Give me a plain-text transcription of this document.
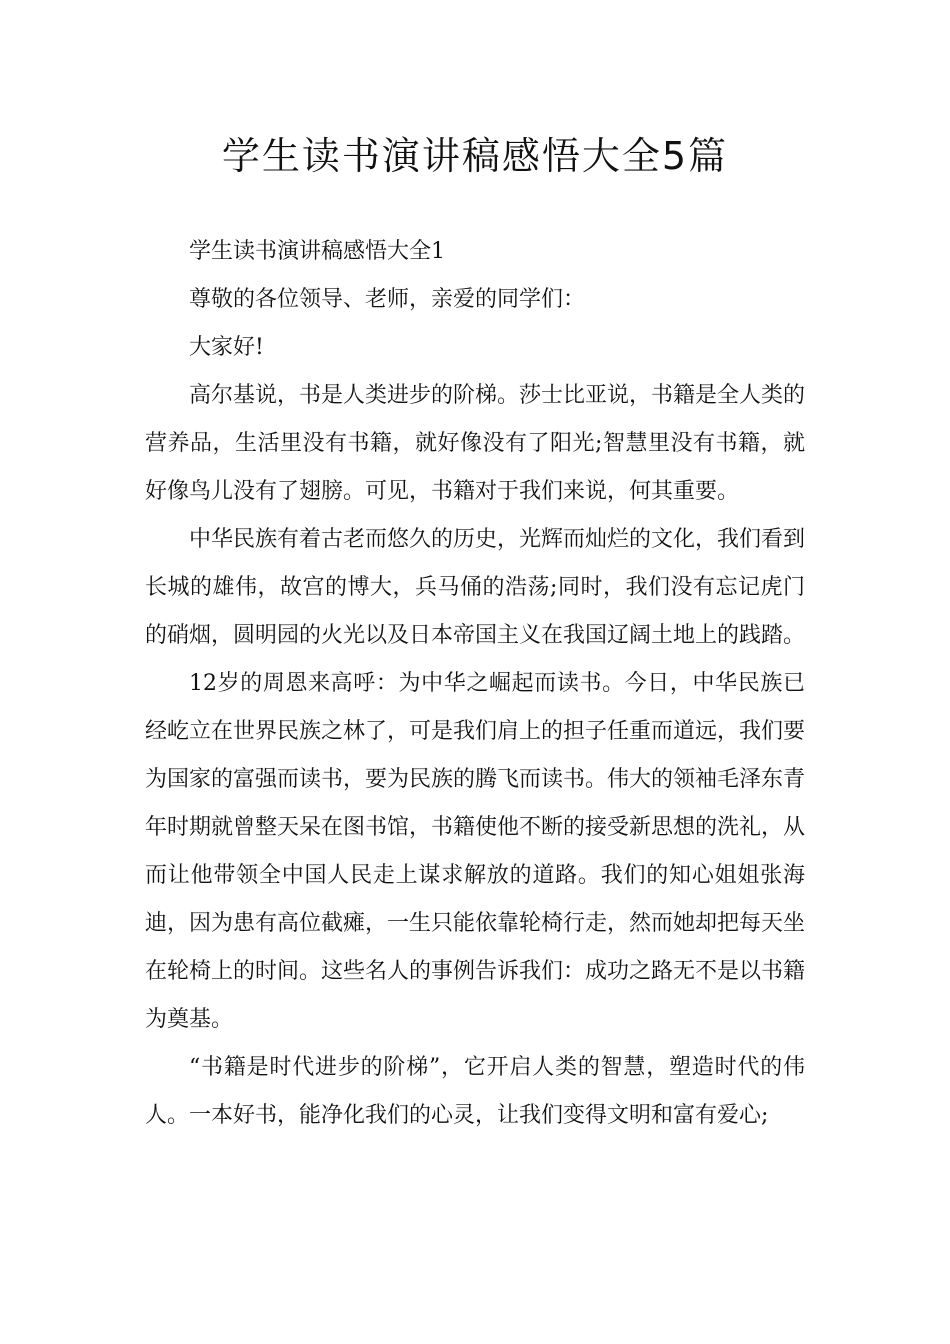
学生读书演讲稿感悟大全5篇

学生读书演讲稿感悟大全1

尊敬的各位领导、老师，亲爱的同学们：

大家好!

高尔基说，书是人类进步的阶梯。莎士比亚说，书籍是全人类的营养品，生活里没有书籍，就好像没有了阳光;智慧里没有书籍，就好像鸟儿没有了翅膀。可见，书籍对于我们来说，何其重要。

中华民族有着古老而悠久的历史，光辉而灿烂的文化，我们看到长城的雄伟，故宫的博大，兵马俑的浩荡;同时，我们没有忘记虎门的硝烟，圆明园的火光以及日本帝国主义在我国辽阔土地上的践踏。

12岁的周恩来高呼：为中华之崛起而读书。今日，中华民族已经屹立在世界民族之林了，可是我们肩上的担子任重而道远，我们要为国家的富强而读书，要为民族的腾飞而读书。伟大的领袖毛泽东青年时期就曾整天呆在图书馆，书籍使他不断的接受新思想的洗礼，从而让他带领全中国人民走上谋求解放的道路。我们的知心姐姐张海迪，因为患有高位截瘫，一生只能依靠轮椅行走，然而她却把每天坐在轮椅上的时间。这些名人的事例告诉我们：成功之路无不是以书籍为奠基。

“书籍是时代进步的阶梯”，它开启人类的智慧，塑造时代的伟人。一本好书，能净化我们的心灵，让我们变得文明和富有爱心;
